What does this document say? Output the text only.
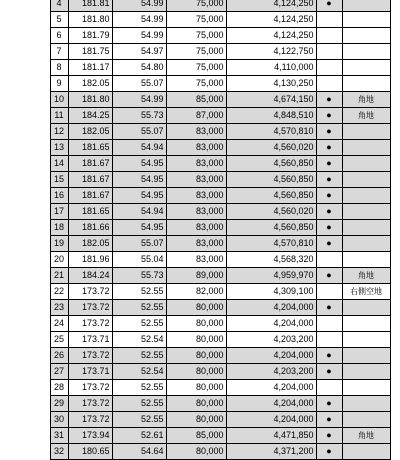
	4	181.81	54.99	75,000	4,124,250	●	
	5	181.80	54.99	75,000	4,124,250		
	6	181.79	54.99	75,000	4,124,250		
	7	181.75	54.97	75,000	4,122,750		
	8	181.17	54.80	75,000	4,110,000		
	9	182.05	55.07	75,000	4,130,250		
	10	181.80	54.99	85,000	4,674,150	●	角地
	11	184.25	55.73	87,000	4,848,510	●	角地
	12	182.05	55.07	83,000	4,570,810	●	
	13	181.65	54.94	83,000	4,560,020	●	
	14	181.67	54.95	83,000	4,560,850	●	
	15	181.67	54.95	83,000	4,560,850	●	
	16	181.67	54.95	83,000	4,560,850	●	
	17	181.65	54.94	83,000	4,560,020	●	
	18	181.66	54.95	83,000	4,560,850	●	
	19	182.05	55.07	83,000	4,570,810	●	
	20	181.96	55.04	83,000	4,568,320		
	21	184.24	55.73	89,000	4,959,970	●	角地
	22	173.72	52.55	82,000	4,309,100		右側空地
	23	173.72	52.55	80,000	4,204,000	●	
	24	173.72	52.55	80,000	4,204,000		
	25	173.71	52.54	80,000	4,203,200		
	26	173.72	52.55	80,000	4,204,000	●	
	27	173.71	52.54	80,000	4,203,200	●	
	28	173.72	52.55	80,000	4,204,000		
	29	173.72	52.55	80,000	4,204,000	●	
	30	173.72	52.55	80,000	4,204,000	●	
	31	173.94	52.61	85,000	4,471,850	●	角地
	32	180.65	54.64	80,000	4,371,200	●	
